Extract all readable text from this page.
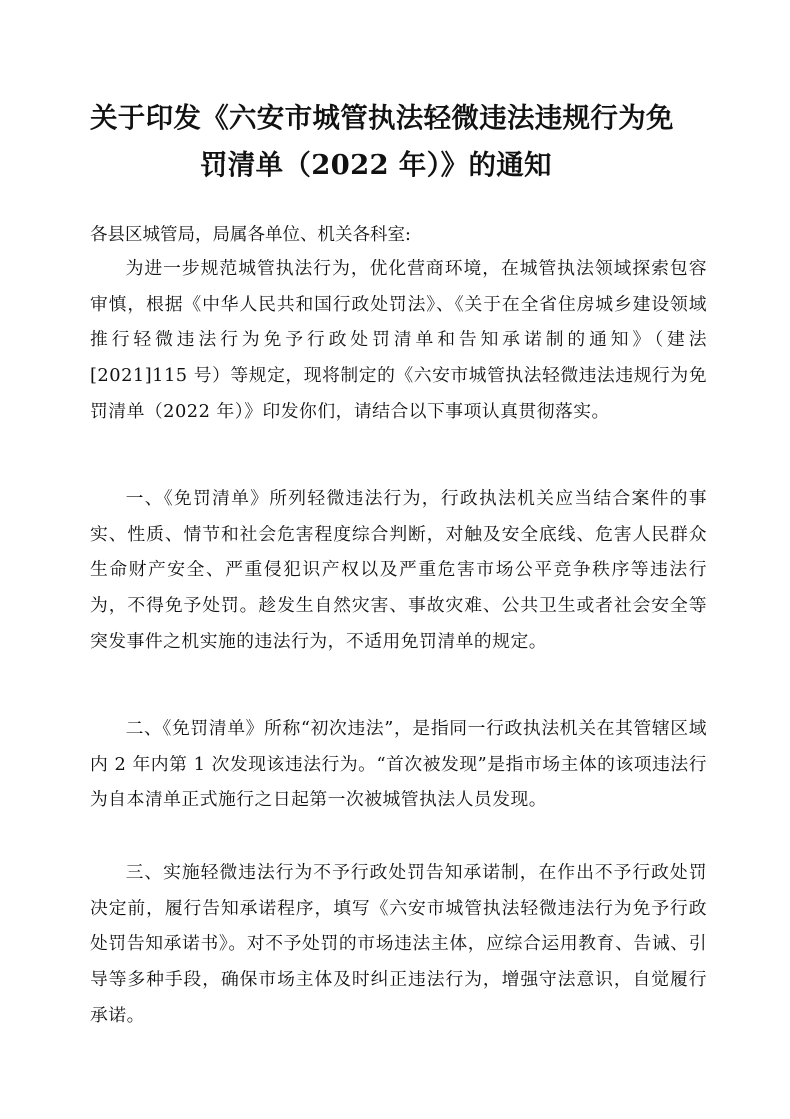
关于印发《六安市城管执法轻微违法违规行为免
罚清单（2022 年）》的通知
各县区城管局，局属各单位、机关各科室:
为进一步规范城管执法行为，优化营商环境，在城管执法领域探索包容审慎，根据《中华人民共和国行政处罚法》、《关于在全省住房城乡建设领域推行轻微违法行为免予行政处罚清单和告知承诺制的通知》（建法[2021]115 号）等规定，现将制定的《六安市城管执法轻微违法违规行为免罚清单（2022 年）》印发你们，请结合以下事项认真贯彻落实。
一、《免罚清单》所列轻微违法行为，行政执法机关应当结合案件的事实、性质、情节和社会危害程度综合判断，对触及安全底线、危害人民群众生命财产安全、严重侵犯识产权以及严重危害市场公平竞争秩序等违法行为，不得免予处罚。趁发生自然灾害、事故灾难、公共卫生或者社会安全等突发事件之机实施的违法行为，不适用免罚清单的规定。
二、《免罚清单》所称“初次违法”，是指同一行政执法机关在其管辖区域内 2 年内第 1 次发现该违法行为。“首次被发现”是指市场主体的该项违法行为自本清单正式施行之日起第一次被城管执法人员发现。
三、实施轻微违法行为不予行政处罚告知承诺制，在作出不予行政处罚决定前，履行告知承诺程序，填写《六安市城管执法轻微违法行为免予行政处罚告知承诺书》。对不予处罚的市场违法主体，应综合运用教育、告诫、引导等多种手段，确保市场主体及时纠正违法行为，增强守法意识，自觉履行承诺。
